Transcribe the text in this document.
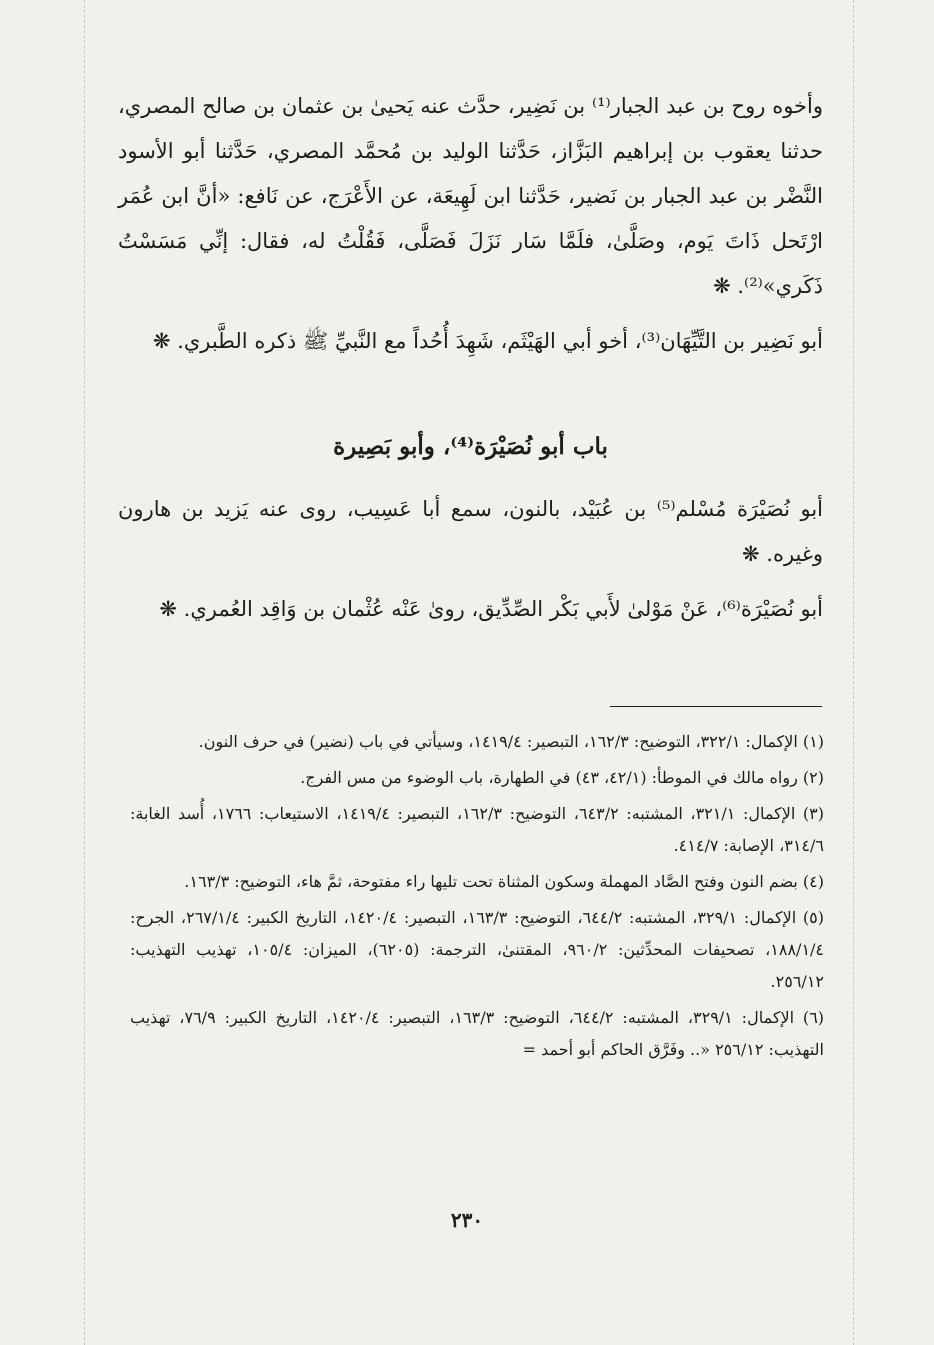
وأخوه روح بن عبد الجبار⁽¹⁾ بن نَضِير، حدَّث عنه يَحيىٰ بن عثمان بن صالح المصري، حدثنا يعقوب بن إبراهيم البَزَّاز، حَدَّثنا الوليد بن مُحمَّد المصري، حَدَّثنا أبو الأسود النَّضْر بن عبد الجبار بن نَضير، حَدَّثنا ابن لَهِيعَة، عن الأَعْرَج، عن نَافع: «أنَّ ابن عُمَر ارْتَحل ذَاتَ يَوم، وصَلَّىٰ، فلَمَّا سَار نَزَلَ فَصَلَّى، فَقُلْتُ له، فقال: إنِّي مَسَسْتُ ذَكَري»⁽²⁾. ❋

أبو نَضِير بن التَّيِّهَان⁽³⁾، أخو أبي الهَيْثَم، شَهِدَ أُحُداً مع النَّبيِّ ﷺ ذكره الطَّبري. ❋

باب أبو نُصَيْرَة⁽⁴⁾، وأبو بَصِيرة

أبو نُصَيْرَة مُسْلم⁽⁵⁾ بن عُبَيْد، بالنون، سمع أبا عَسِيب، روى عنه يَزيد بن هارون وغيره. ❋

أبو نُصَيْرَة⁽⁶⁾، عَنْ مَوْلىٰ لأَبي بَكْر الصِّدِّيق، روىٰ عَنْه عُثْمان بن وَاقِد العُمري. ❋

(١) الإكمال: ٣٢٢/١، التوضيح: ١٦٢/٣، التبصير: ١٤١٩/٤، وسيأتي في باب (نضير) في حرف النون.

(٢) رواه مالك في الموطأ: (٤٢/١، ٤٣) في الطهارة، باب الوضوء من مس الفرج.

(٣) الإكمال: ٣٢١/١، المشتبه: ٦٤٣/٢، التوضيح: ١٦٢/٣، التبصير: ١٤١٩/٤، الاستيعاب: ١٧٦٦، أُسد الغابة: ٣١٤/٦، الإصابة: ٤١٤/٧.

(٤) بضم النون وفتح الصَّاد المهملة وسكون المثناة تحت تليها راء مفتوحة، ثمَّ هاء، التوضيح: ١٦٣/٣.

(٥) الإكمال: ٣٢٩/١، المشتبه: ٦٤٤/٢، التوضيح: ١٦٣/٣، التبصير: ١٤٢٠/٤، التاريخ الكبير: ٢٦٧/١/٤، الجرح: ١٨٨/١/٤، تصحيفات المحدِّثين: ٩٦٠/٢، المقتنىٰ، الترجمة: (٦٢٠٥)، الميزان: ١٠٥/٤، تهذيب التهذيب: ٢٥٦/١٢.

(٦) الإكمال: ٣٢٩/١، المشتبه: ٦٤٤/٢، التوضيح: ١٦٣/٣، التبصير: ١٤٢٠/٤، التاريخ الكبير: ٧٦/٩، تهذيب التهذيب: ٢٥٦/١٢ «.. وفَرَّق الحاكم أبو أحمد =

٢٣٠
